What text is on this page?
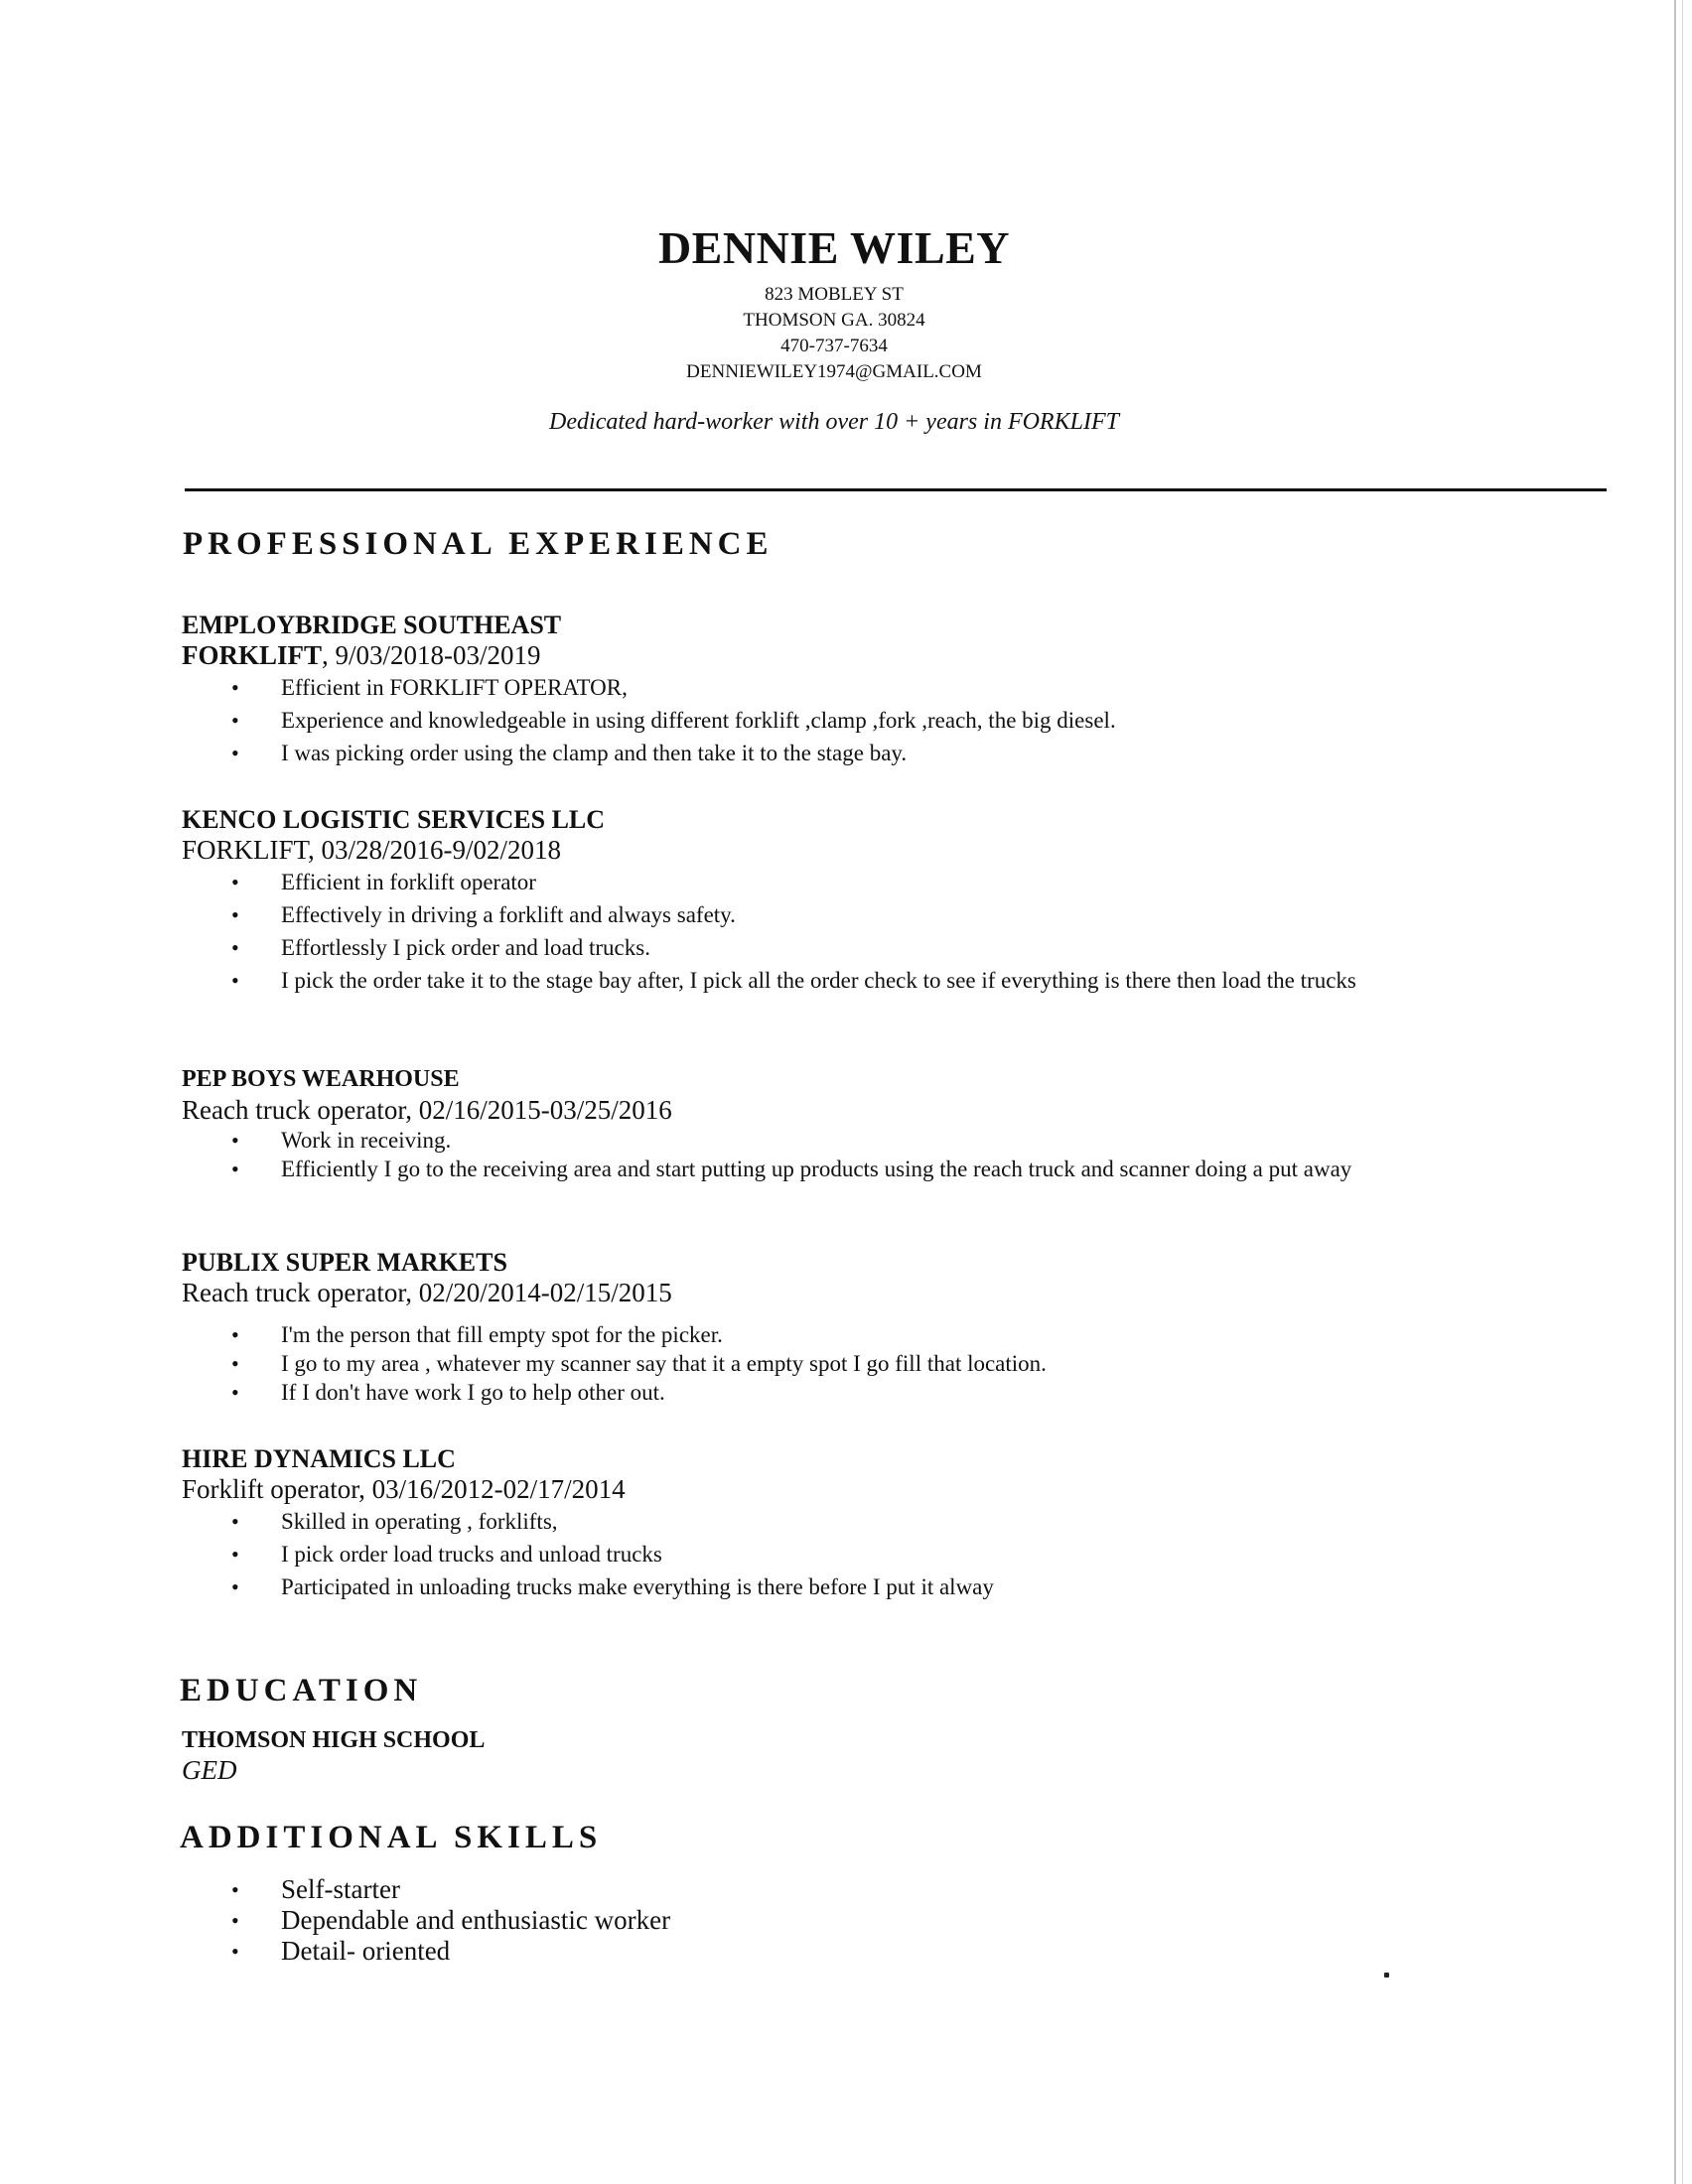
DENNIE WILEY

823 MOBLEY ST

THOMSON GA. 30824

470-737-7634

DENNIEWILEY1974@GMAIL.COM

Dedicated hard-worker with over 10 + years in FORKLIFT

PROFESSIONAL EXPERIENCE

EMPLOYBRIDGE SOUTHEAST

FORKLIFT, 9/03/2018-03/2019

• Efficient in FORKLIFT OPERATOR,
• Experience and knowledgeable in using different forklift ,clamp ,fork ,reach, the big diesel.
• I was picking order using the clamp and then take it to the stage bay.

KENCO LOGISTIC SERVICES LLC

FORKLIFT, 03/28/2016-9/02/2018

• Efficient in forklift operator
• Effectively in driving a forklift and always safety.
• Effortlessly I pick order and load trucks.
• I pick the order take it to the stage bay after, I pick all the order check to see if everything is there then load the trucks

PEP BOYS WEARHOUSE

Reach truck operator, 02/16/2015-03/25/2016

• Work in receiving.
• Efficiently I go to the receiving area and start putting up products using the reach truck and scanner doing a put away

PUBLIX SUPER MARKETS

Reach truck operator, 02/20/2014-02/15/2015

• I'm the person that fill empty spot for the picker.
• I go to my area , whatever my scanner say that it a empty spot I go fill that location.
• If I don't have work I go to help other out.

HIRE DYNAMICS LLC

Forklift operator, 03/16/2012-02/17/2014

• Skilled in operating , forklifts,
• I pick order load trucks and unload trucks
• Participated in unloading trucks make everything is there before I put it alway
EDUCATION

THOMSON HIGH SCHOOL

GED

ADDITIONAL SKILLS
• Self-starter
• Dependable and enthusiastic worker
• Detail- oriented
